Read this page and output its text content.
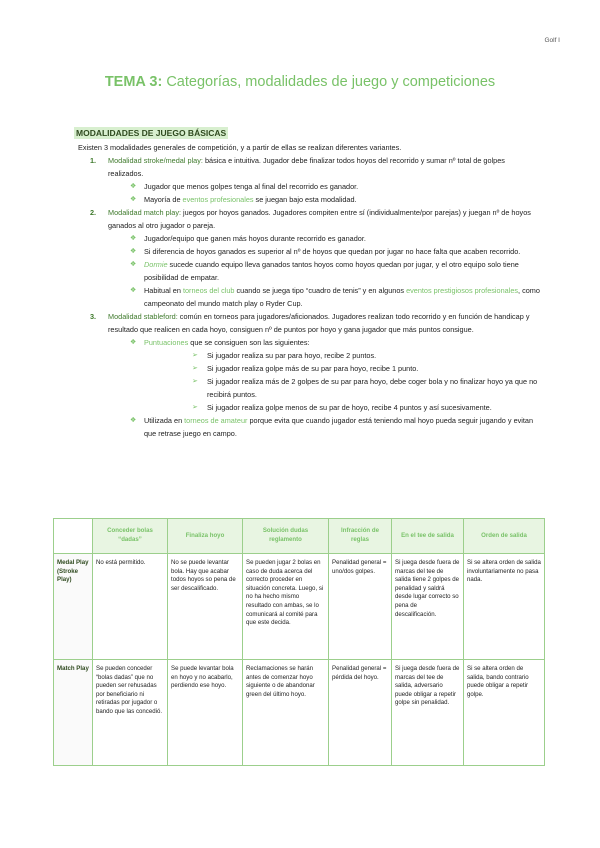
Golf I
TEMA 3: Categorías, modalidades de juego y competiciones
MODALIDADES DE JUEGO BÁSICAS

Existen 3 modalidades generales de competición, y a partir de ellas se realizan diferentes variantes.

1. Modalidad stroke/medal play: básica e intuitiva. Jugador debe finalizar todos hoyos del recorrido y sumar nº total de golpes realizados.

❖ Jugador que menos golpes tenga al final del recorrido es ganador.

❖ Mayoría de eventos profesionales se juegan bajo esta modalidad.

2. Modalidad match play: juegos por hoyos ganados. Jugadores compiten entre sí (individualmente/por parejas) y juegan nº de hoyos ganados al otro jugador o pareja.

❖ Jugador/equipo que ganen más hoyos durante recorrido es ganador.

❖ Si diferencia de hoyos ganados es superior al nº de hoyos que quedan por jugar no hace falta que acaben recorrido.

❖ Dormie sucede cuando equipo lleva ganados tantos hoyos como hoyos quedan por jugar, y el otro equipo solo tiene posibilidad de empatar.

❖ Habitual en torneos del club cuando se juega tipo “cuadro de tenis” y en algunos eventos prestigiosos profesionales, como campeonato del mundo match play o Ryder Cup.

3. Modalidad stableford: común en torneos para jugadores/aficionados. Jugadores realizan todo recorrido y en función de handicap y resultado que realicen en cada hoyo, consiguen nº de puntos por hoyo y gana jugador que más puntos consigue.

❖ Puntuaciones que se consiguen son las siguientes:

➢ Si jugador realiza su par para hoyo, recibe 2 puntos.

➢ Si jugador realiza golpe más de su par para hoyo, recibe 1 punto.

➢ Si jugador realiza más de 2 golpes de su par para hoyo, debe coger bola y no finalizar hoyo ya que no recibirá puntos.

➢ Si jugador realiza golpe menos de su par de hoyo, recibe 4 puntos y así sucesivamente.

❖ Utilizada en torneos de amateur porque evita que cuando jugador está teniendo mal hoyo pueda seguir jugando y evitan que retrase juego en campo.

	Conceder bolas “dadas”	Finaliza hoyo	Solución dudas reglamento	Infracción de reglas	En el tee de salida	Orden de salida
Medal Play (Stroke Play)	No está permitido.	No se puede levantar bola. Hay que acabar todos hoyos so pena de ser descalificado.	Se pueden jugar 2 bolas en caso de duda acerca del correcto proceder en situación concreta. Luego, si no ha hecho mismo resultado con ambas, se lo comunicará al comité para que este decida.	Penalidad general = uno/dos golpes.	Si juega desde fuera de marcas del tee de salida tiene 2 golpes de penalidad y saldrá desde lugar correcto so pena de descalificación.	Si se altera orden de salida involuntariamente no pasa nada.
Match Play	Se pueden conceder “bolas dadas” que no pueden ser rehusadas por beneficiario ni retiradas por jugador o bando que las concedió.	Se puede levantar bola en hoyo y no acabarlo, perdiendo ese hoyo.	Reclamaciones se harán antes de comenzar hoyo siguiente o de abandonar green del último hoyo.	Penalidad general = pérdida del hoyo.	Si juega desde fuera de marcas del tee de salida, adversario puede obligar a repetir golpe sin penalidad.	Si se altera orden de salida, bando contrario puede obligar a repetir golpe.
